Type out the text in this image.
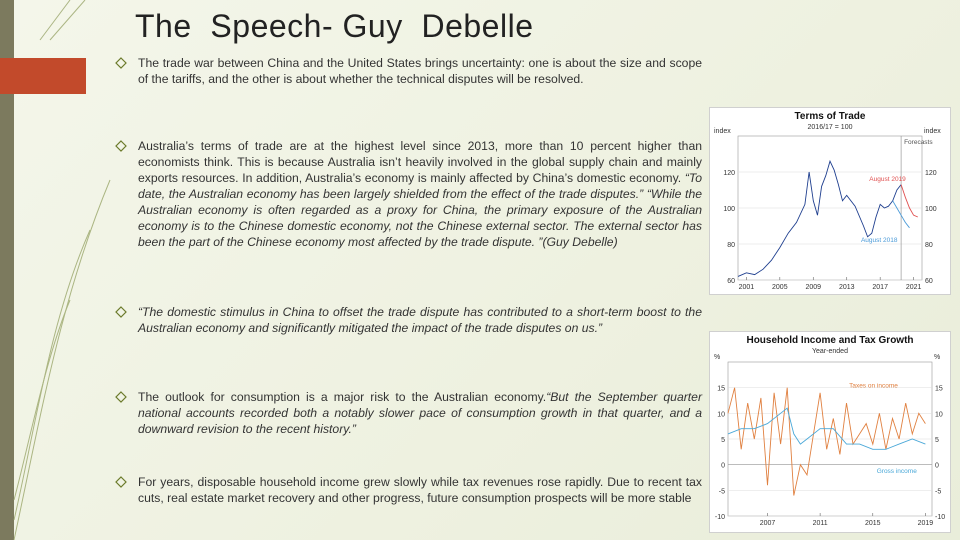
The  Speech- Guy  Debelle
The trade war between China and the United States brings uncertainty: one is about the size and scope of the tariffs, and the other is about whether the technical disputes will be resolved.
Australia’s terms of trade are at the highest level since 2013, more than 10 percent higher than economists think. This is because Australia isn’t heavily involved in the global supply chain and mainly exports resources. In addition, Australia’s economy is mainly affected by China’s domestic economy. “To date, the Australian economy has been largely shielded from the effect of the trade disputes.” “While the Australian economy is often regarded as a proxy for China, the primary exposure of the Australian economy is to the Chinese domestic economy, not the Chinese external sector. The external sector has been the part of the Chinese economy most affected by the trade dispute. ”(Guy Debelle)
“The domestic stimulus in China to offset the trade dispute has contributed to a short-term boost to the Australian economy and significantly mitigated the impact of the trade disputes on us.”
The outlook for consumption is a major risk to the Australian economy.“But the September quarter national accounts recorded both a notably slower pace of consumption growth in that quarter, and a downward revision to the recent history.”
For years, disposable household income grew slowly while tax revenues rose rapidly. Due to recent tax cuts, real estate market recovery and other progress, future consumption prospects will be more stable
Terms of Trade
2016/17 = 100
index	index
60	60
80	80
100	100
120	120
2001	2005	2009	2013	2017	2021
Forecasts
August 2019
August 2018
Household Income and Tax Growth
Year-ended
%	%
-10	-10
-5	-5
0	0
5	5
10	10
15	15
2007	2011	2015	2019
Taxes on income
Gross income
